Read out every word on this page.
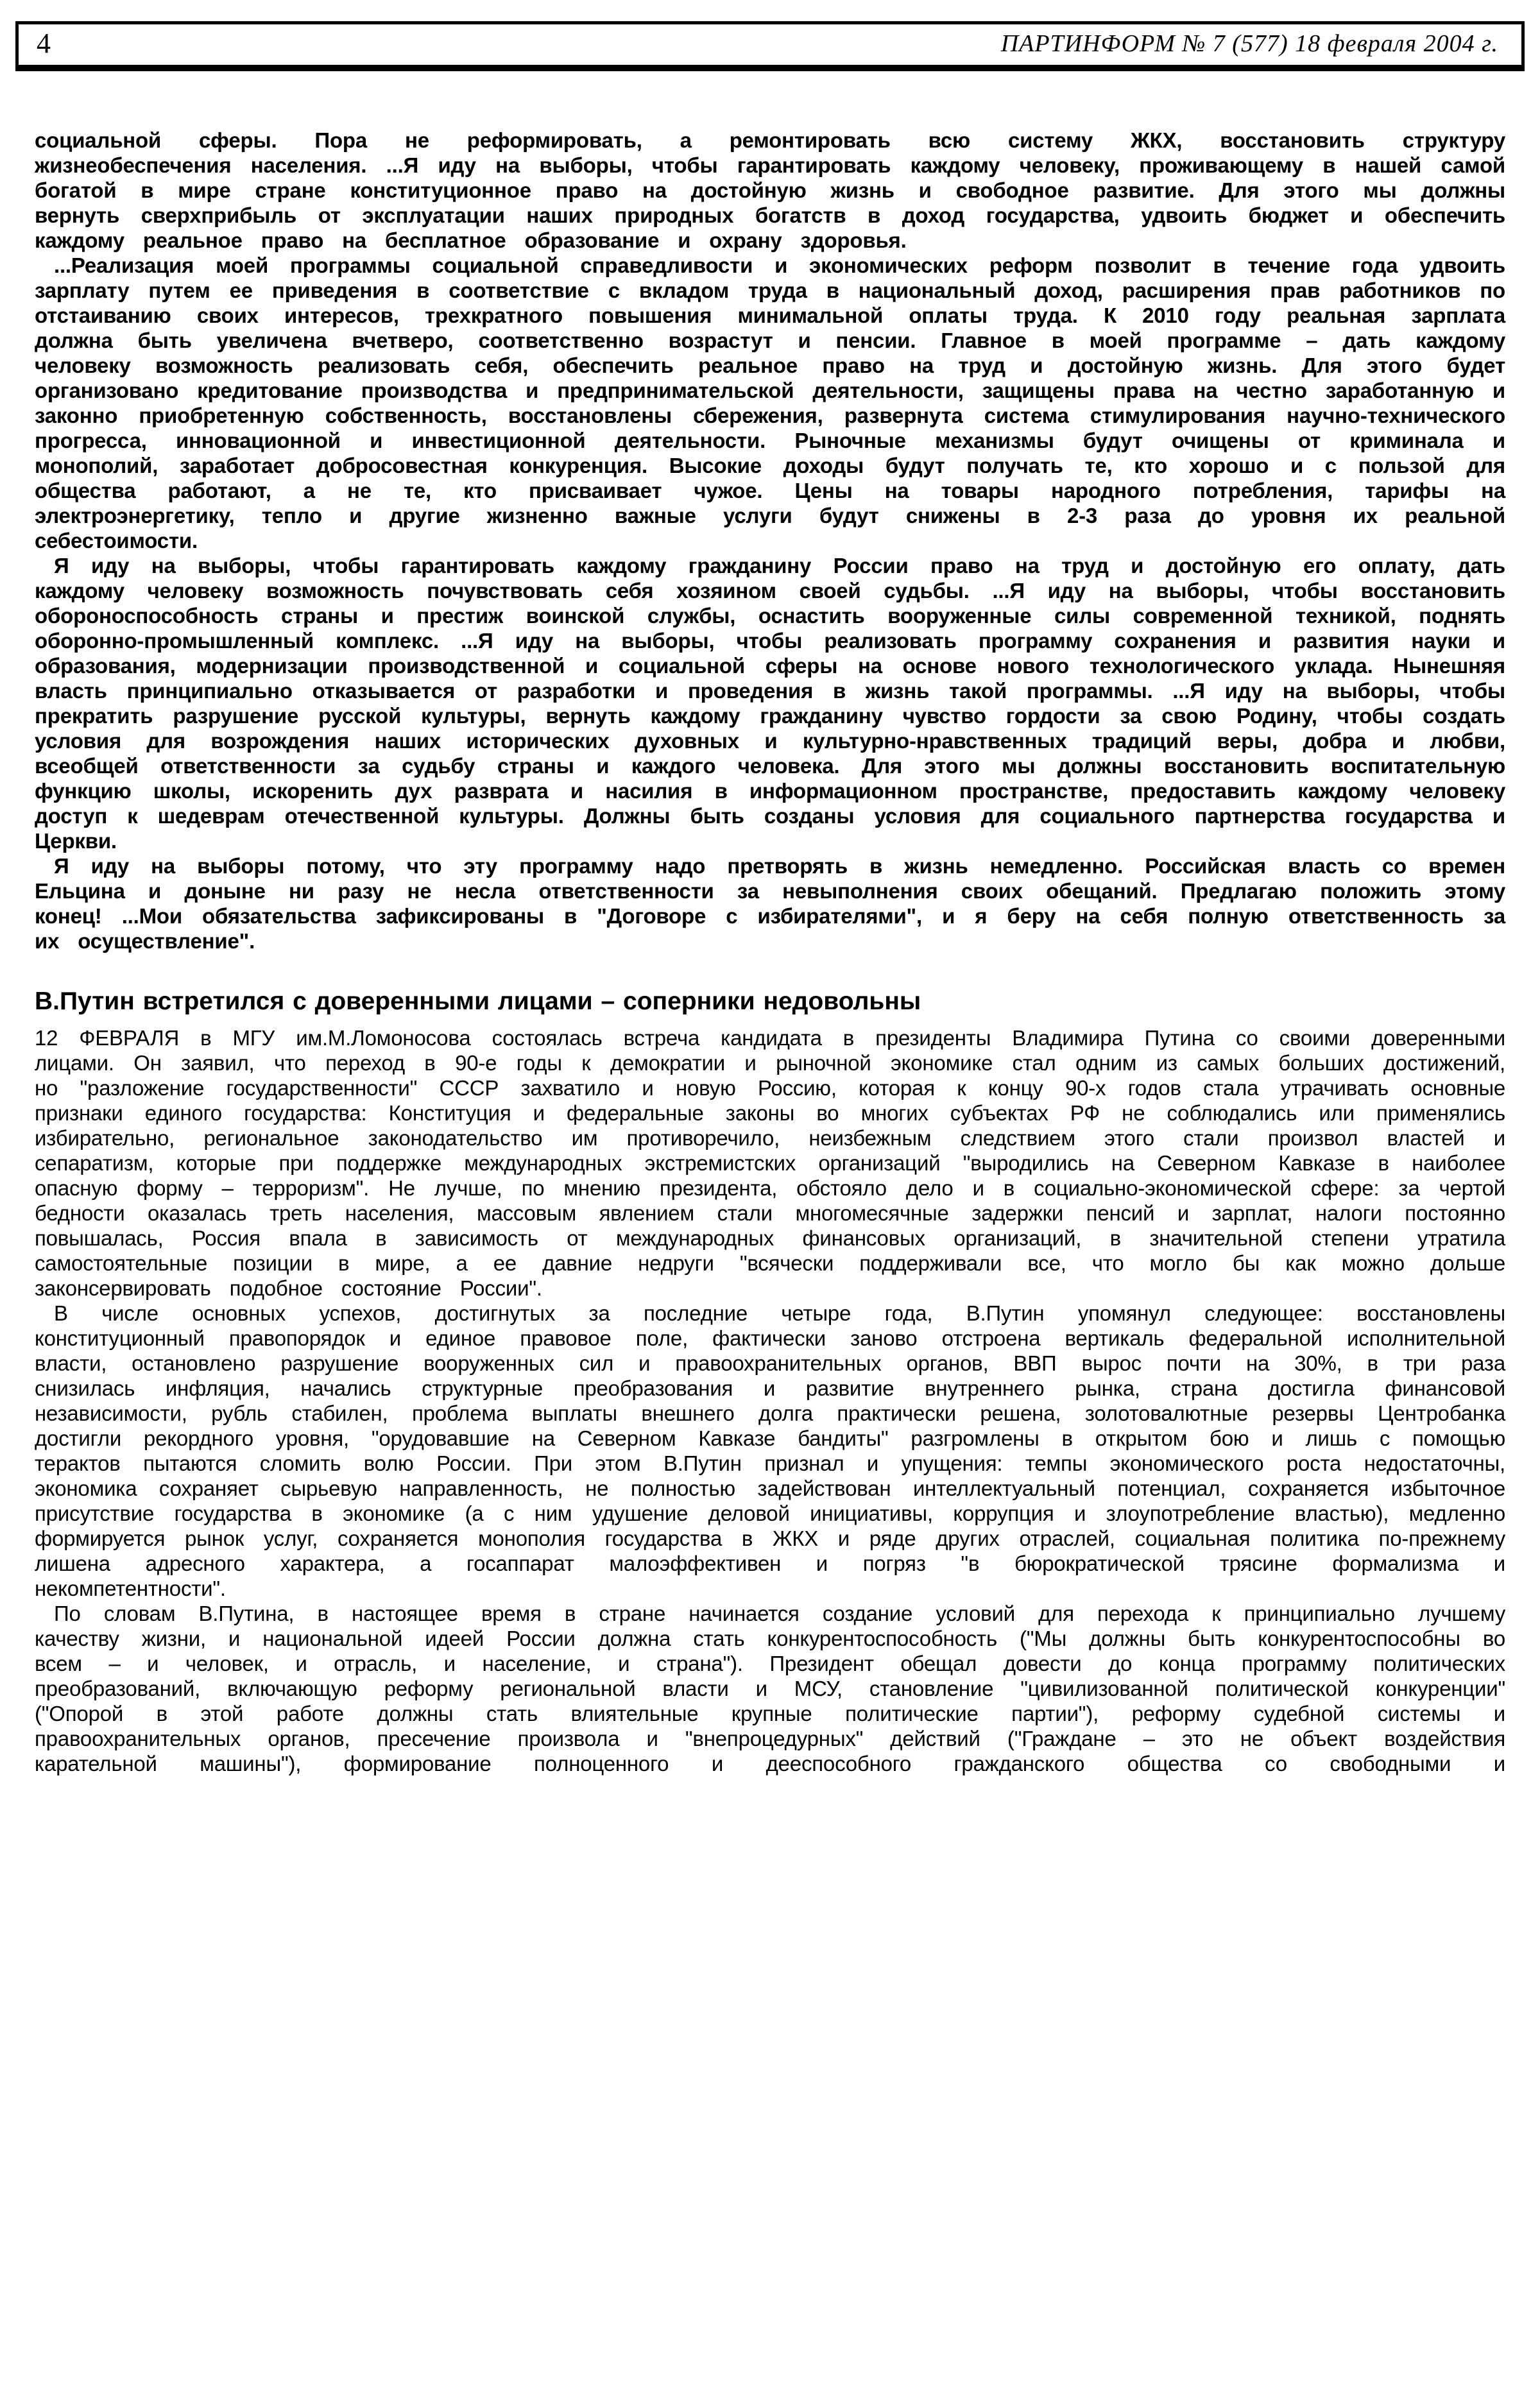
4	ПАРТИНФОРМ № 7 (577) 18 февраля 2004 г.

социальной сферы. Пора не реформировать, а ремонтировать всю систему ЖКХ, восстановить структуру жизнеобеспечения населения. ...Я иду на выборы, чтобы гарантировать каждому человеку, проживающему в нашей самой богатой в мире стране конституционное право на достойную жизнь и свободное развитие. Для этого мы должны вернуть сверхприбыль от эксплуатации наших природных богатств в доход государства, удвоить бюджет и обеспечить каждому реальное право на бесплатное образование и охрану здоровья.

...Реализация моей программы социальной справедливости и экономических реформ позволит в течение года удвоить зарплату путем ее приведения в соответствие с вкладом труда в национальный доход, расширения прав работников по отстаиванию своих интересов, трехкратного повышения минимальной оплаты труда. К 2010 году реальная зарплата должна быть увеличена вчетверо, соответственно возрастут и пенсии. Главное в моей программе – дать каждому человеку возможность реализовать себя, обеспечить реальное право на труд и достойную жизнь. Для этого будет организовано кредитование производства и предпринимательской деятельности, защищены права на честно заработанную и законно приобретенную собственность, восстановлены сбережения, развернута система стимулирования научно-технического прогресса, инновационной и инвестиционной деятельности. Рыночные механизмы будут очищены от криминала и монополий, заработает добросовестная конкуренция. Высокие доходы будут получать те, кто хорошо и с пользой для общества работают, а не те, кто присваивает чужое. Цены на товары народного потребления, тарифы на электроэнергетику, тепло и другие жизненно важные услуги будут снижены в 2-3 раза до уровня их реальной себестоимости.

Я иду на выборы, чтобы гарантировать каждому гражданину России право на труд и достойную его оплату, дать каждому человеку возможность почувствовать себя хозяином своей судьбы. ...Я иду на выборы, чтобы восстановить обороноспособность страны и престиж воинской службы, оснастить вооруженные силы современной техникой, поднять оборонно-промышленный комплекс. ...Я иду на выборы, чтобы реализовать программу сохранения и развития науки и образования, модернизации производственной и социальной сферы на основе нового технологического уклада. Нынешняя власть принципиально отказывается от разработки и проведения в жизнь такой программы. ...Я иду на выборы, чтобы прекратить разрушение русской культуры, вернуть каждому гражданину чувство гордости за свою Родину, чтобы создать условия для возрождения наших исторических духовных и культурно-нравственных традиций веры, добра и любви, всеобщей ответственности за судьбу страны и каждого человека. Для этого мы должны восстановить воспитательную функцию школы, искоренить дух разврата и насилия в информационном пространстве, предоставить каждому человеку доступ к шедеврам отечественной культуры. Должны быть созданы условия для социального партнерства государства и Церкви.

Я иду на выборы потому, что эту программу надо претворять в жизнь немедленно. Российская власть со времен Ельцина и доныне ни разу не несла ответственности за невыполнения своих обещаний. Предлагаю положить этому конец! ...Мои обязательства зафиксированы в "Договоре с избирателями", и я беру на себя полную ответственность за их осуществление".

В.Путин встретился с доверенными лицами – соперники недовольны

12 ФЕВРАЛЯ в МГУ им.М.Ломоносова состоялась встреча кандидата в президенты Владимира Путина со своими доверенными лицами. Он заявил, что переход в 90-е годы к демократии и рыночной экономике стал одним из самых больших достижений, но "разложение государственности" СССР захватило и новую Россию, которая к концу 90-х годов стала утрачивать основные признаки единого государства: Конституция и федеральные законы во многих субъектах РФ не соблюдались или применялись избирательно, региональное законодательство им противоречило, неизбежным следствием этого стали произвол властей и сепаратизм, которые при поддержке международных экстремистских организаций "выродились на Северном Кавказе в наиболее опасную форму – терроризм". Не лучше, по мнению президента, обстояло дело и в социально-экономической сфере: за чертой бедности оказалась треть населения, массовым явлением стали многомесячные задержки пенсий и зарплат, налоги постоянно повышалась, Россия впала в зависимость от международных финансовых организаций, в значительной степени утратила самостоятельные позиции в мире, а ее давние недруги "всячески поддерживали все, что могло бы как можно дольше законсервировать подобное состояние России".

В числе основных успехов, достигнутых за последние четыре года, В.Путин упомянул следующее: восстановлены конституционный правопорядок и единое правовое поле, фактически заново отстроена вертикаль федеральной исполнительной власти, остановлено разрушение вооруженных сил и правоохранительных органов, ВВП вырос почти на 30%, в три раза снизилась инфляция, начались структурные преобразования и развитие внутреннего рынка, страна достигла финансовой независимости, рубль стабилен, проблема выплаты внешнего долга практически решена, золотовалютные резервы Центробанка достигли рекордного уровня, "орудовавшие на Северном Кавказе бандиты" разгромлены в открытом бою и лишь с помощью терактов пытаются сломить волю России. При этом В.Путин признал и упущения: темпы экономического роста недостаточны, экономика сохраняет сырьевую направленность, не полностью задействован интеллектуальный потенциал, сохраняется избыточное присутствие государства в экономике (а с ним удушение деловой инициативы, коррупция и злоупотребление властью), медленно формируется рынок услуг, сохраняется монополия государства в ЖКХ и ряде других отраслей, социальная политика по-прежнему лишена адресного характера, а госаппарат малоэффективен и погряз "в бюрократической трясине формализма и некомпетентности".

По словам В.Путина, в настоящее время в стране начинается создание условий для перехода к принципиально лучшему качеству жизни, и национальной идеей России должна стать конкурентоспособность ("Мы должны быть конкурентоспособны во всем – и человек, и отрасль, и население, и страна"). Президент обещал довести до конца программу политических преобразований, включающую реформу региональной власти и МСУ, становление "цивилизованной политической конкуренции" ("Опорой в этой работе должны стать влиятельные крупные политические партии"), реформу судебной системы и правоохранительных органов, пресечение произвола и "внепроцедурных" действий ("Граждане – это не объект воздействия карательной машины"), формирование полноценного и дееспособного гражданского общества со свободными и
